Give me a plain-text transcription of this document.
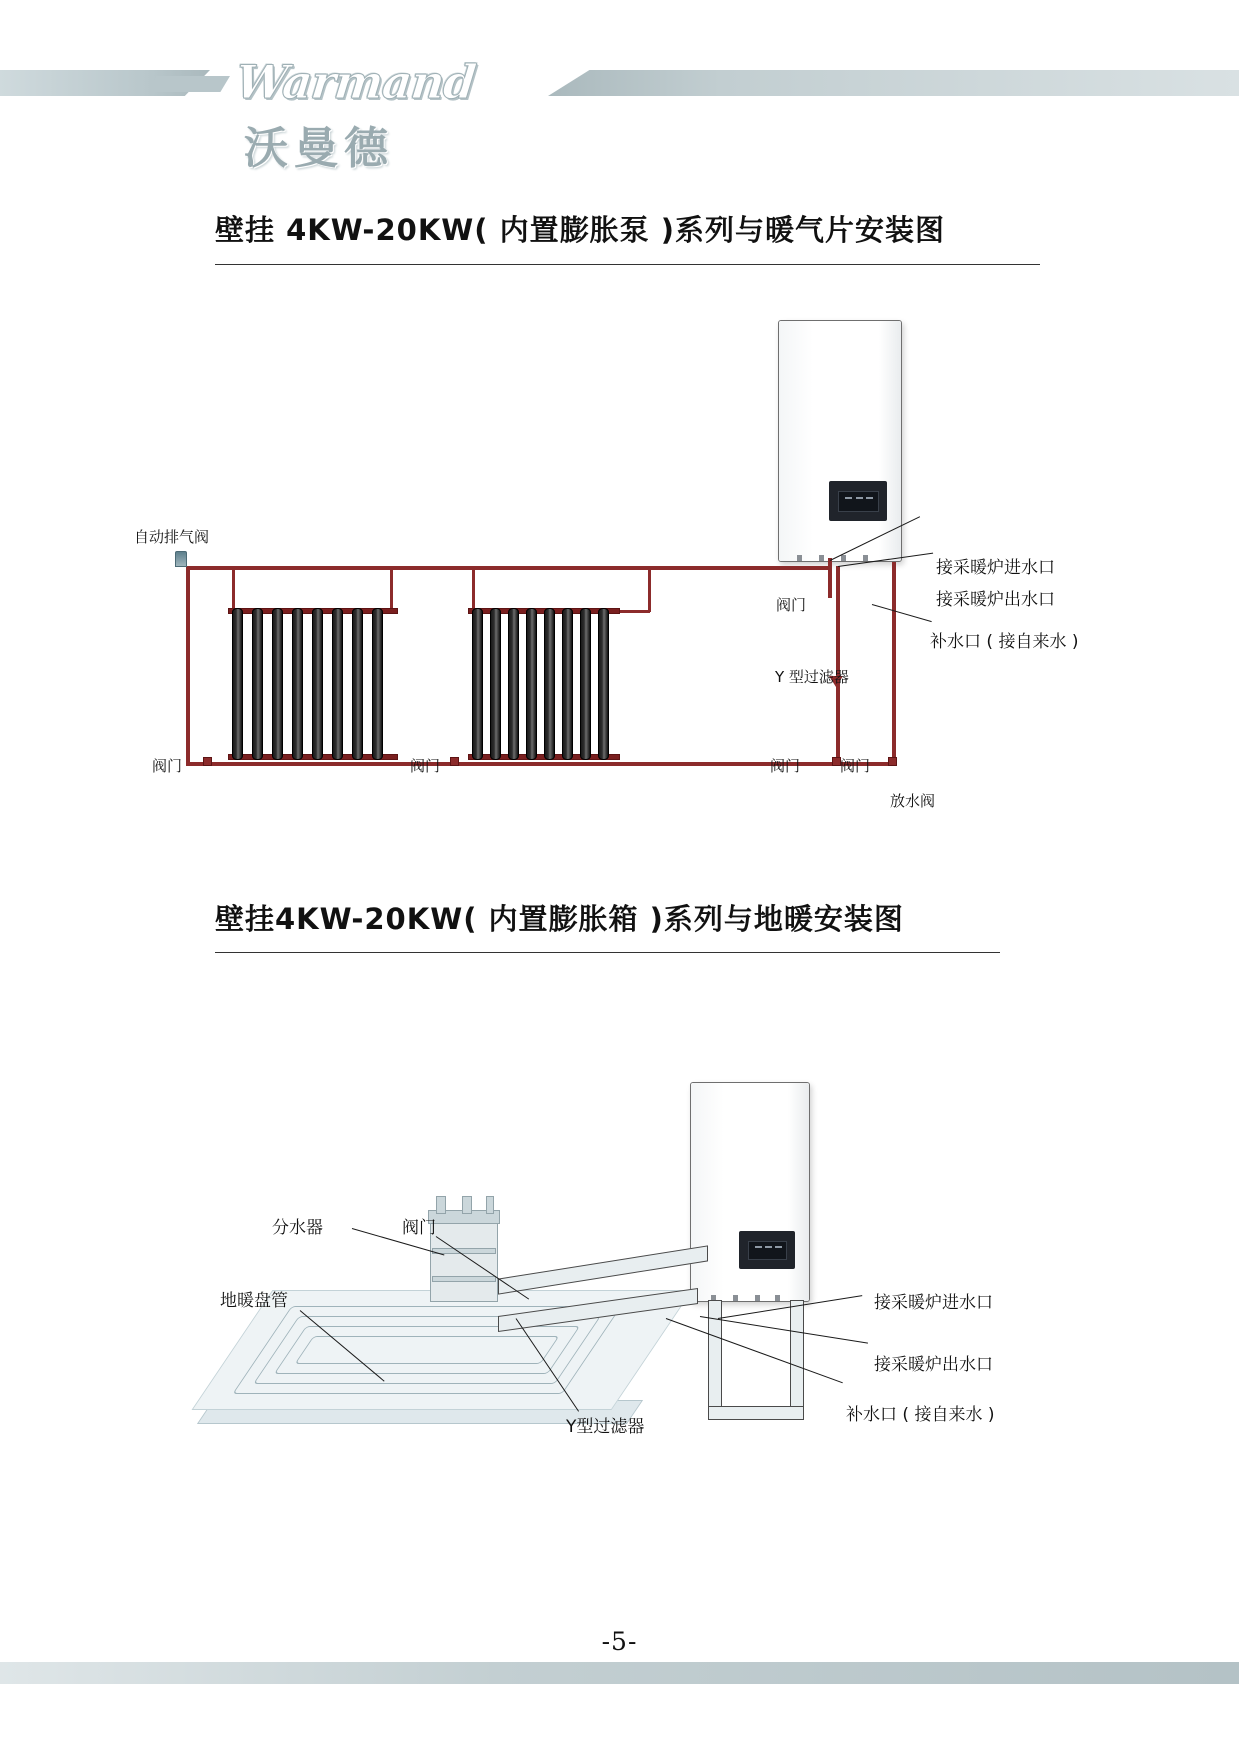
Warmand
沃曼德
壁挂 4KW-20KW( 内置膨胀泵 )系列与暖气片安装图
自动排气阀
阀门	阀门
阀门
Y 型过滤器
阀门	阀门
放水阀
接采暖炉进水口
接采暖炉出水口
补水口 ( 接自来水 )
壁挂4KW-20KW( 内置膨胀箱 )系列与地暖安装图
分水器	阀门
地暖盘管
Y型过滤器
接采暖炉进水口
接采暖炉出水口
补水口 ( 接自来水 )
-5-
